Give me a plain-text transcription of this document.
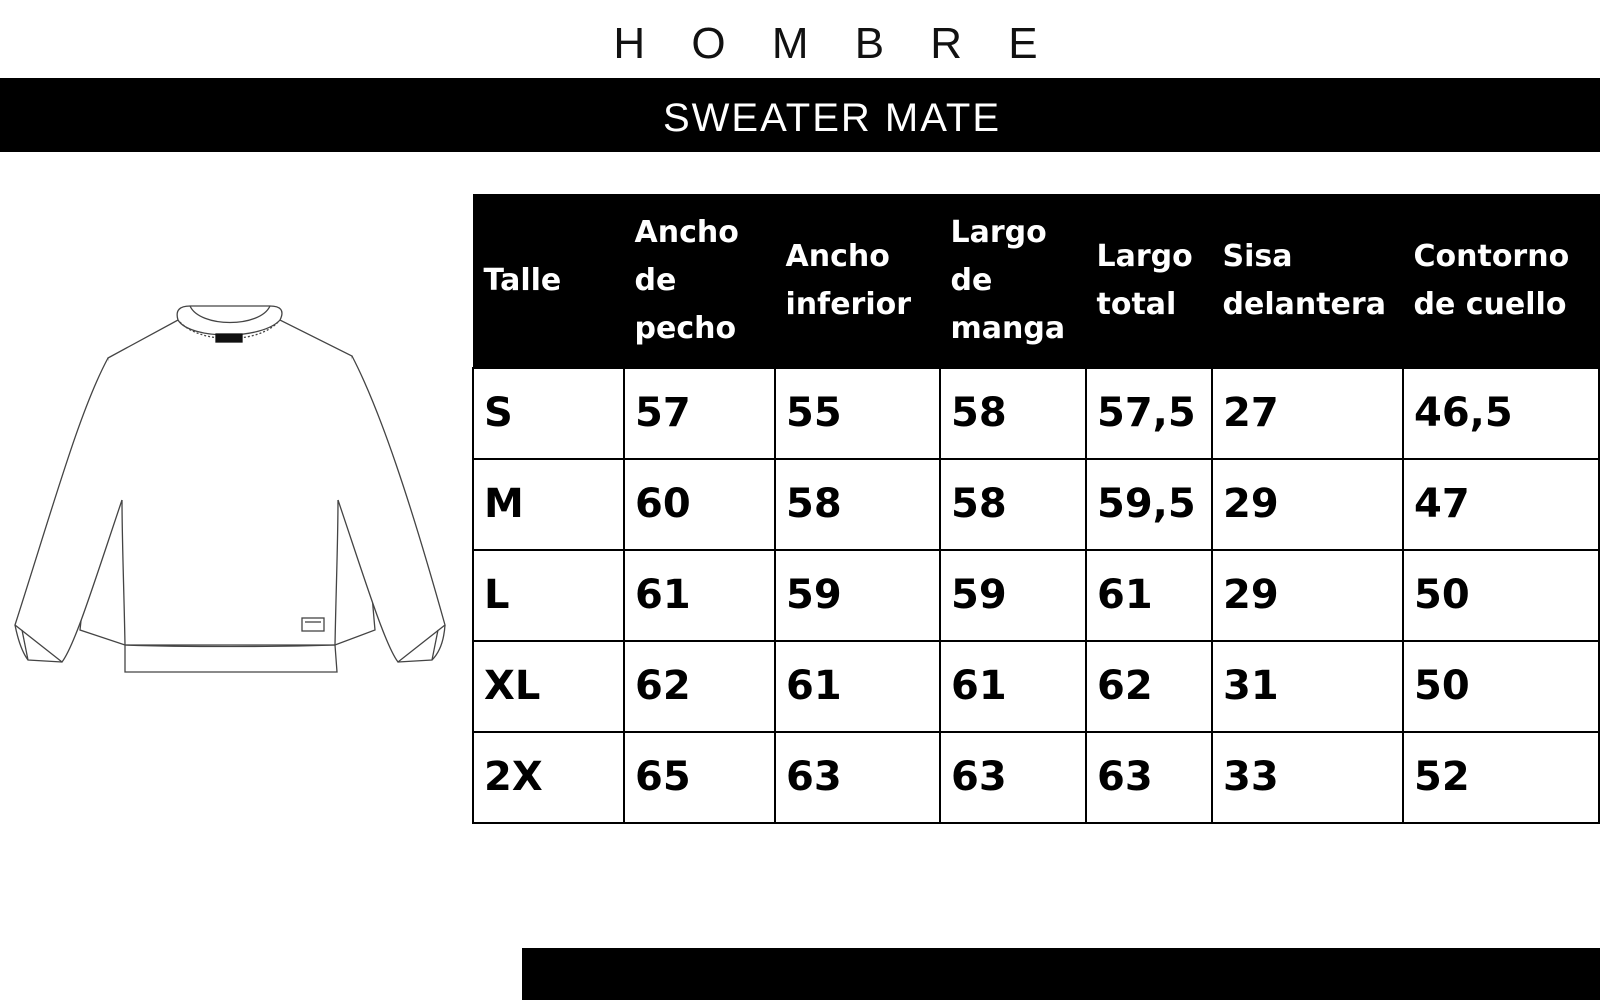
H O M B R E
SWEATER MATE
Talle	Ancho de pecho	Ancho inferior	Largo de manga	Largo total	Sisa delantera	Contorno de cuello
S	57	55	58	57,5	27	46,5
M	60	58	58	59,5	29	47
L	61	59	59	61	29	50
XL	62	61	61	62	31	50
2X	65	63	63	63	33	52
